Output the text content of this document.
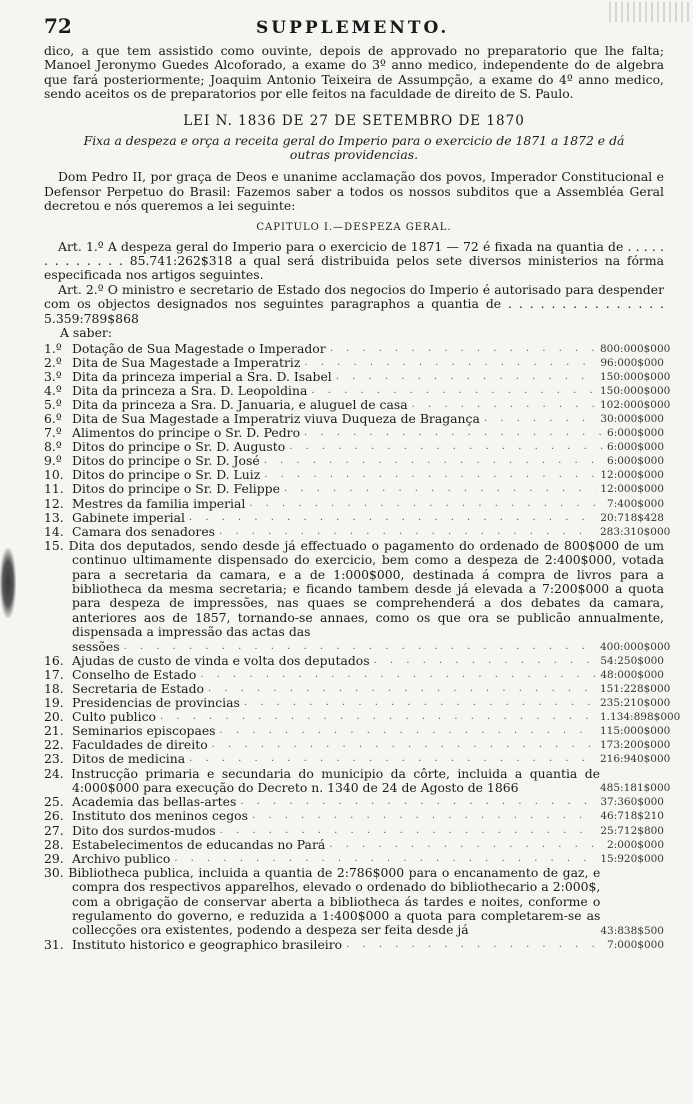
72	SUPPLEMENTO.

dico, a que tem assistido como ouvinte, depois de approvado no preparatorio que lhe falta; Manoel Jeronymo Guedes Alcoforado, a exame do 3º anno medico, independente do de algebra que fará posteriormente; Joaquim Antonio Teixeira de Assumpção, a exame do 4º anno medico, sendo aceitos os de preparatorios por elle feitos na faculdade de direito de S. Paulo.

LEI N. 1836 DE 27 DE SETEMBRO DE 1870
Fixa a despeza e orça a receita geral do Imperio para o exercicio de 1871 a 1872 e dá outras providencias.

Dom Pedro II, por graça de Deos e unanime acclamação dos povos, Imperador Constitucional e Defensor Perpetuo do Brasil: Fazemos saber a todos os nossos subditos que a Assembléa Geral decretou e nós queremos a lei seguinte:

CAPITULO I.—DESPEZA GERAL.

Art. 1.º A despeza geral do Imperio para o exercicio de 1871 — 72 é fixada na quantia de . . . . . . . . . . . . . 85.741:262$318 a qual será distribuida pelos sete diversos ministerios na fórma especificada nos artigos seguintes.

Art. 2.º O ministro e secretario de Estado dos negocios do Imperio é autorisado para despender com os objectos designados nos seguintes paragraphos a quantia de . . . . . . . . . . . . . . . 5.359:789$868

A saber:
1.º Dotação de Sua Magestade o Imperador . . .	800:000$000
2.º Dita de Sua Magestade a Imperatriz . . .	96:000$000
3.º Dita da princeza imperial a Sra. D. Isabel . . .	150:000$000
4.º Dita da princeza a Sra. D. Leopoldina . . .	150:000$000
5.º Dita da princeza a Sra. D. Januaria, e aluguel de casa . . .	102:000$000
6.º Dita de Sua Magestade a Imperatriz viuva Duqueza de Bragança . . .	30:000$000
7.º Alimentos do principe o Sr. D. Pedro . . .	6:000$000
8.º Ditos do principe o Sr. D. Augusto . . .	6:000$000
9.º Ditos do principe o Sr. D. José . . .	6:000$000
10. Ditos do principe o Sr. D. Luiz . . .	12:000$000
11. Ditos do principe o Sr. D. Felippe . . .	12:000$000
12. Mestres da familia imperial . . .	7:400$000
13. Gabinete imperial . . .	20:718$428
14. Camara dos senadores . . .	283:310$000
15. Dita dos deputados, sendo desde já effectuado o pagamento do ordenado de 800$000 de um continuo ultimamente dispensado do exercicio, bem como a despeza de 2:400$000, votada para a secretaria da camara, e a de 1:000$000, destinada á compra de livros para a bibliotheca da mesma secretaria; e ficando tambem desde já elevada a 7:200$000 a quota para despeza de impressões, nas quaes se comprehenderá a dos debates da camara, anteriores aos de 1857, tornando-se annaes, como os que ora se publicão annualmente, dispensada a impressão das actas das
sessões . . .	400:000$000
16. Ajudas de custo de vinda e volta dos deputados . . .	54:250$000
17. Conselho de Estado . . .	48:000$000
18. Secretaria de Estado . . .	151:228$000
19. Presidencias de provincias . . .	235:210$000
20. Culto publico . . .	1.134:898$000
21. Seminarios episcopaes . . .	115:000$000
22. Faculdades de direito . . .	173:200$000
23. Ditos de medicina . . .	216:940$000
24. Instrucção primaria e secundaria do municipio da côrte, incluida a quantia de 4:000$000 para execução do Decreto n. 1340 de 24 de Agosto de 1866	485:181$000
25. Academia das bellas-artes . . .	37:360$000
26. Instituto dos meninos cegos . . .	46:718$210
27. Dito dos surdos-mudos . . .	25:712$800
28. Estabelecimentos de educandas no Pará . . .	2:000$000
29. Archivo publico . . .	15:920$000
30. Bibliotheca publica, incluida a quantia de 2:786$000 para o encanamento de gaz, e compra dos respectivos apparelhos, elevado o ordenado do bibliothecario a 2:000$, com a obrigação de conservar aberta a bibliotheca ás tardes e noites, conforme o regulamento do governo, e reduzida a 1:400$000 a quota para completarem-se as collecções ora existentes, podendo a despeza ser feita desde já	43:838$500
31. Instituto historico e geographico brasileiro . . .	7:000$000
